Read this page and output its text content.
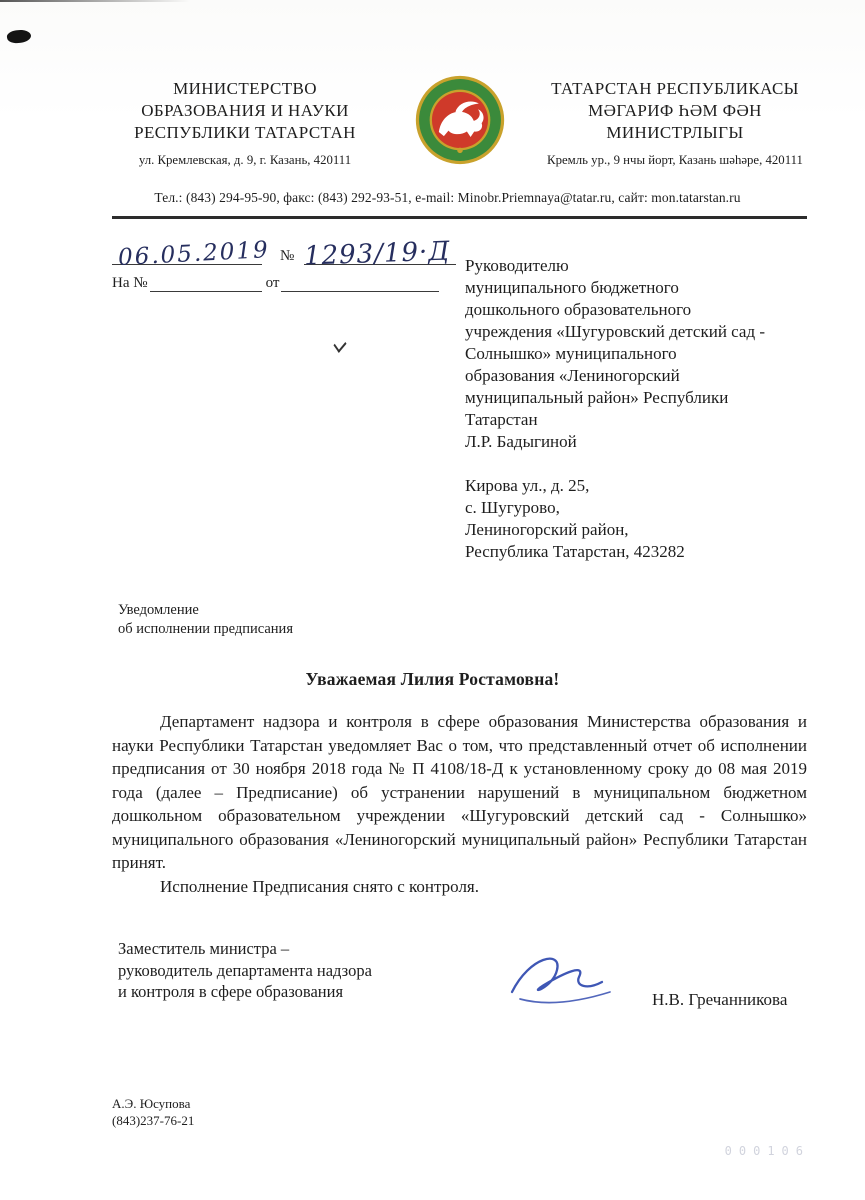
МИНИСТЕРСТВО
ОБРАЗОВАНИЯ И НАУКИ
РЕСПУБЛИКИ ТАТАРСТАН
ул. Кремлевская, д. 9, г. Казань, 420111
ТАТАРСТАН РЕСПУБЛИКАСЫ
МӘГАРИФ ҺӘМ ФӘН
МИНИСТРЛЫГЫ
Кремль ур., 9 нчы йорт, Казань шәһәре, 420111
Тел.: (843) 294-95-90, факс: (843) 292-93-51, e-mail: Minobr.Priemnaya@tatar.ru, сайт: mon.tatarstan.ru
06.05.2019 № 1293/19·Д
На №	от
Руководителю
муниципального бюджетного
дошкольного образовательного
учреждения «Шугуровский детский сад -
Солнышко» муниципального
образования «Лениногорский
муниципальный район» Республики
Татарстан
Л.Р. Бадыгиной
Кирова ул., д. 25,
с. Шугурово,
Лениногорский район,
Республика Татарстан, 423282
Уведомление
об исполнении предписания
Уважаемая Лилия Ростамовна!

Департамент надзора и контроля в сфере образования Министерства образования и науки Республики Татарстан уведомляет Вас о том, что представленный отчет об исполнении предписания от 30 ноября 2018 года № П 4108/18-Д к установленному сроку до 08 мая 2019 года (далее – Предписание) об устранении нарушений в муниципальном бюджетном дошкольном образовательном учреждении «Шугуровский детский сад - Солнышко» муниципального образования «Лениногорский муниципальный район» Республики Татарстан принят.

Исполнение Предписания снято с контроля.

Заместитель министра –
руководитель департамента надзора
и контроля в сфере образования	Н.В. Гречанникова
А.Э. Юсупова
(843)237-76-21
000106
